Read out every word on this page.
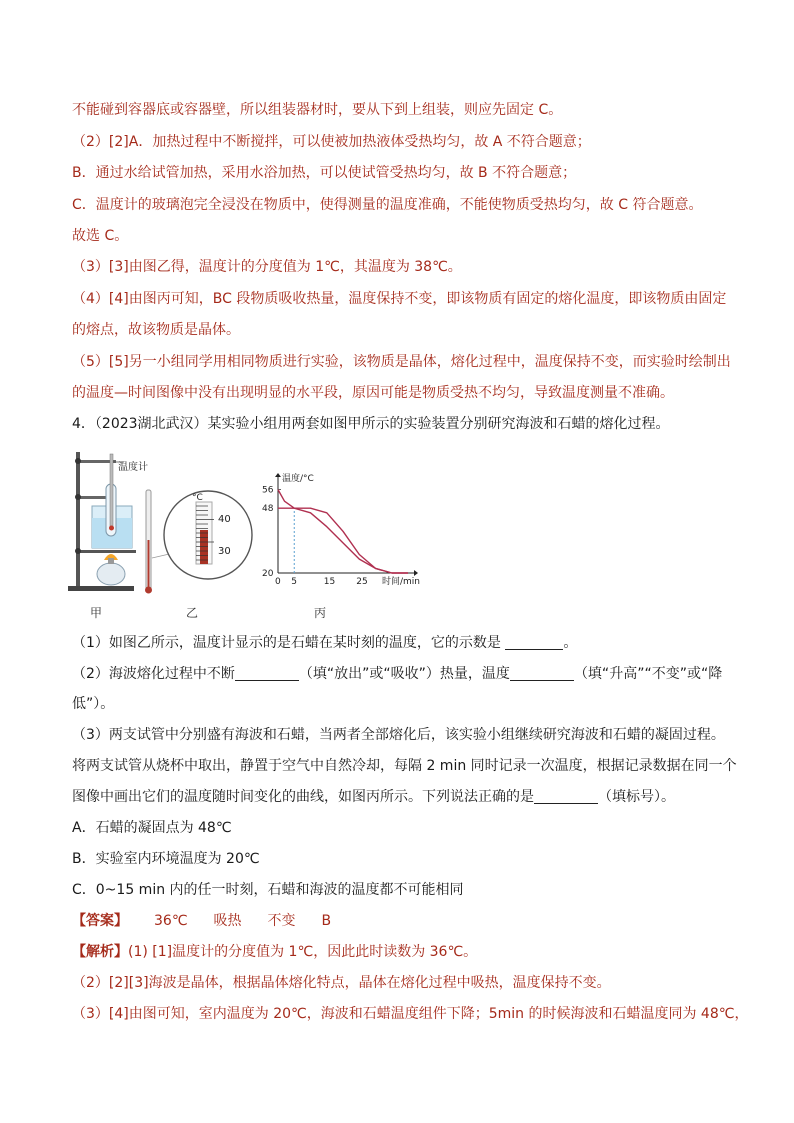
不能碰到容器底或容器壁，所以组装器材时，要从下到上组装，则应先固定 C。
（2）[2]A．加热过程中不断搅拌，可以使被加热液体受热均匀，故 A 不符合题意；
B．通过水给试管加热，采用水浴加热，可以使试管受热均匀，故 B 不符合题意；
C．温度计的玻璃泡完全浸没在物质中，使得测量的温度准确，不能使物质受热均匀，故 C 符合题意。
故选 C。
（3）[3]由图乙得，温度计的分度值为 1℃，其温度为 38℃。
（4）[4]由图丙可知，BC 段物质吸收热量，温度保持不变，即该物质有固定的熔化温度，即该物质由固定
的熔点，故该物质是晶体。
（5）[5]另一小组同学用相同物质进行实验，该物质是晶体，熔化过程中，温度保持不变，而实验时绘制出
的温度—时间图像中没有出现明显的水平段，原因可能是物质受热不均匀，导致温度测量不准确。
4．（2023湖北武汉）某实验小组用两套如图甲所示的实验装置分别研究海波和石蜡的熔化过程。
温度计
°C
40
30
20
48
56
0 5	15 25
温度/°C
时间/min
甲	乙	丙
（1）如图乙所示，温度计显示的是石蜡在某时刻的温度，它的示数是	。
（2）海波熔化过程中不断	（填“放出”或“吸收”）热量，温度	（填“升高”“不变”或“降
低”）。
（3）两支试管中分别盛有海波和石蜡，当两者全部熔化后，该实验小组继续研究海波和石蜡的凝固过程。
将两支试管从烧杯中取出，静置于空气中自然冷却，每隔 2 min 同时记录一次温度，根据记录数据在同一个
图像中画出它们的温度随时间变化的曲线，如图丙所示。下列说法正确的是	（填标号）。
A．石蜡的凝固点为 48℃
B．实验室内环境温度为 20℃
C．0~15 min 内的任一时刻，石蜡和海波的温度都不可能相同
【答案】 36℃ 吸热 不变 B
【解析】(1) [1]温度计的分度值为 1℃，因此此时读数为 36℃。
（2）[2][3]海波是晶体，根据晶体熔化特点，晶体在熔化过程中吸热，温度保持不变。
（3）[4]由图可知，室内温度为 20℃，海波和石蜡温度组件下降；5min 的时候海波和石蜡温度同为 48℃，
